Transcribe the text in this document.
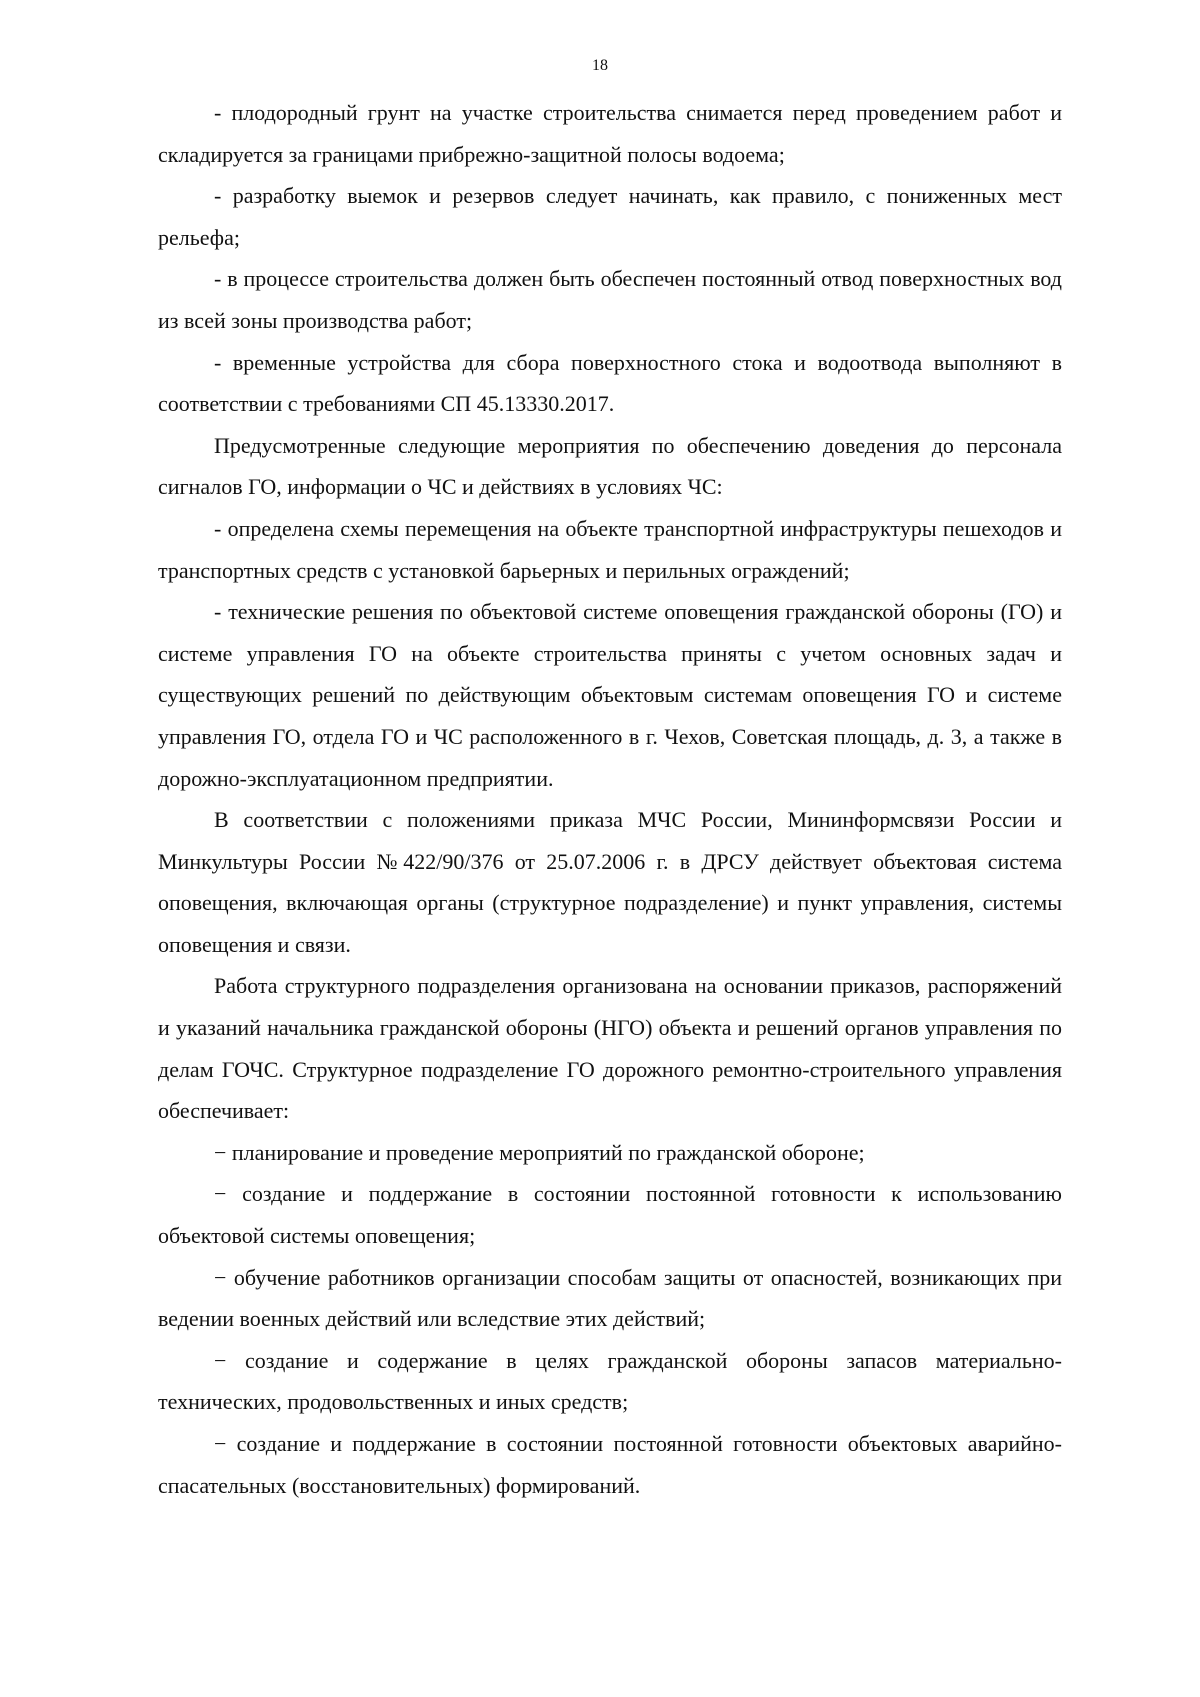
18

- плодородный грунт на участке строительства снимается перед проведением работ и складируется за границами прибрежно-защитной полосы водоема;

- разработку выемок и резервов следует начинать, как правило, с пониженных мест рельефа;

- в процессе строительства должен быть обеспечен постоянный отвод поверхностных вод из всей зоны производства работ;

- временные устройства для сбора поверхностного стока и водоотвода выполняют в соответствии с требованиями СП 45.13330.2017.

Предусмотренные следующие мероприятия по обеспечению доведения до персонала сигналов ГО, информации о ЧС и действиях в условиях ЧС:

- определена схемы перемещения на объекте транспортной инфраструктуры пешеходов и транспортных средств с установкой барьерных и перильных ограждений;

- технические решения по объектовой системе оповещения гражданской обороны (ГО) и системе управления ГО на объекте строительства приняты с учетом основных задач и существующих решений по действующим объектовым системам оповещения ГО и системе управления ГО, отдела ГО и ЧС расположенного в г. Чехов, Советская площадь, д. 3, а также в дорожно-эксплуатационном предприятии.

В соответствии с положениями приказа МЧС России, Мининформсвязи России и Минкультуры России №422/90/376 от 25.07.2006 г. в ДРСУ действует объектовая система оповещения, включающая органы (структурное подразделение) и пункт управления, системы оповещения и связи.

Работа структурного подразделения организована на основании приказов, распоряжений и указаний начальника гражданской обороны (НГО) объекта и решений органов управления по делам ГОЧС. Структурное подразделение ГО дорожного ремонтно-строительного управления обеспечивает:

− планирование и проведение мероприятий по гражданской обороне;

− создание и поддержание в состоянии постоянной готовности к использованию объектовой системы оповещения;

− обучение работников организации способам защиты от опасностей, возникающих при ведении военных действий или вследствие этих действий;

− создание и содержание в целях гражданской обороны запасов материально-технических, продовольственных и иных средств;

− создание и поддержание в состоянии постоянной готовности объектовых аварийно-спасательных (восстановительных) формирований.
